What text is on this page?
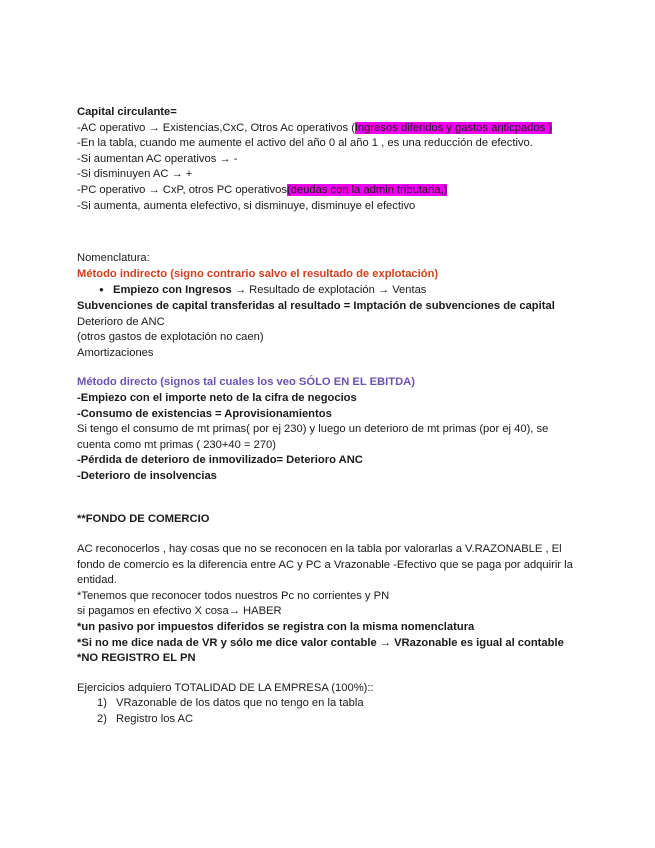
Capital circulante=
-AC operativo → Existencias,CxC, Otros Ac operativos (Ingresos diferidos y gastos anticpados )
-En la tabla, cuando me aumente el activo del año 0 al año 1 , es una reducción de efectivo.
-Si aumentan AC operativos → -
-Si disminuyen AC → +
-PC operativo → CxP, otros PC operativos(deudas con la admin tributaria,)
-Si aumenta, aumenta elefectivo, si disminuye, disminuye el efectivo
Nomenclatura:
Método indirecto (signo contrario salvo el resultado de explotación)
● Empiezo con Ingresos → Resultado de explotación → Ventas
Subvenciones de capital transferidas al resultado = Imptación de subvenciones de capital
Deterioro de ANC
(otros gastos de explotación no caen)
Amortizaciones
Método directo (signos tal cuales los veo SÓLO EN EL EBITDA)
-Empiezo con el importe neto de la cifra de negocios
-Consumo de existencias = Aprovisionamientos
Si tengo el consumo de mt primas( por ej 230) y luego un deterioro de mt primas (por ej 40), se cuenta como mt primas ( 230+40 = 270)
-Pérdida de deterioro de inmovilizado= Deterioro ANC
-Deterioro de insolvencias
**FONDO DE COMERCIO
AC reconocerlos , hay cosas que no se reconocen en la tabla por valorarlas a V.RAZONABLE , El fondo de comercio es la diferencia entre AC y PC a Vrazonable -Efectivo que se paga por adquirir la entidad.
*Tenemos que reconocer todos nuestros Pc no corrientes y PN
si pagamos en efectivo X cosa→ HABER
*un pasivo por impuestos diferidos se registra con la misma nomenclatura
*Si no me dice nada de VR y sólo me dice valor contable → VRazonable es igual al contable
*NO REGISTRO EL PN
Ejercicios adquiero TOTALIDAD DE LA EMPRESA (100%)::
1) VRazonable de los datos que no tengo en la tabla
2) Registro los AC
